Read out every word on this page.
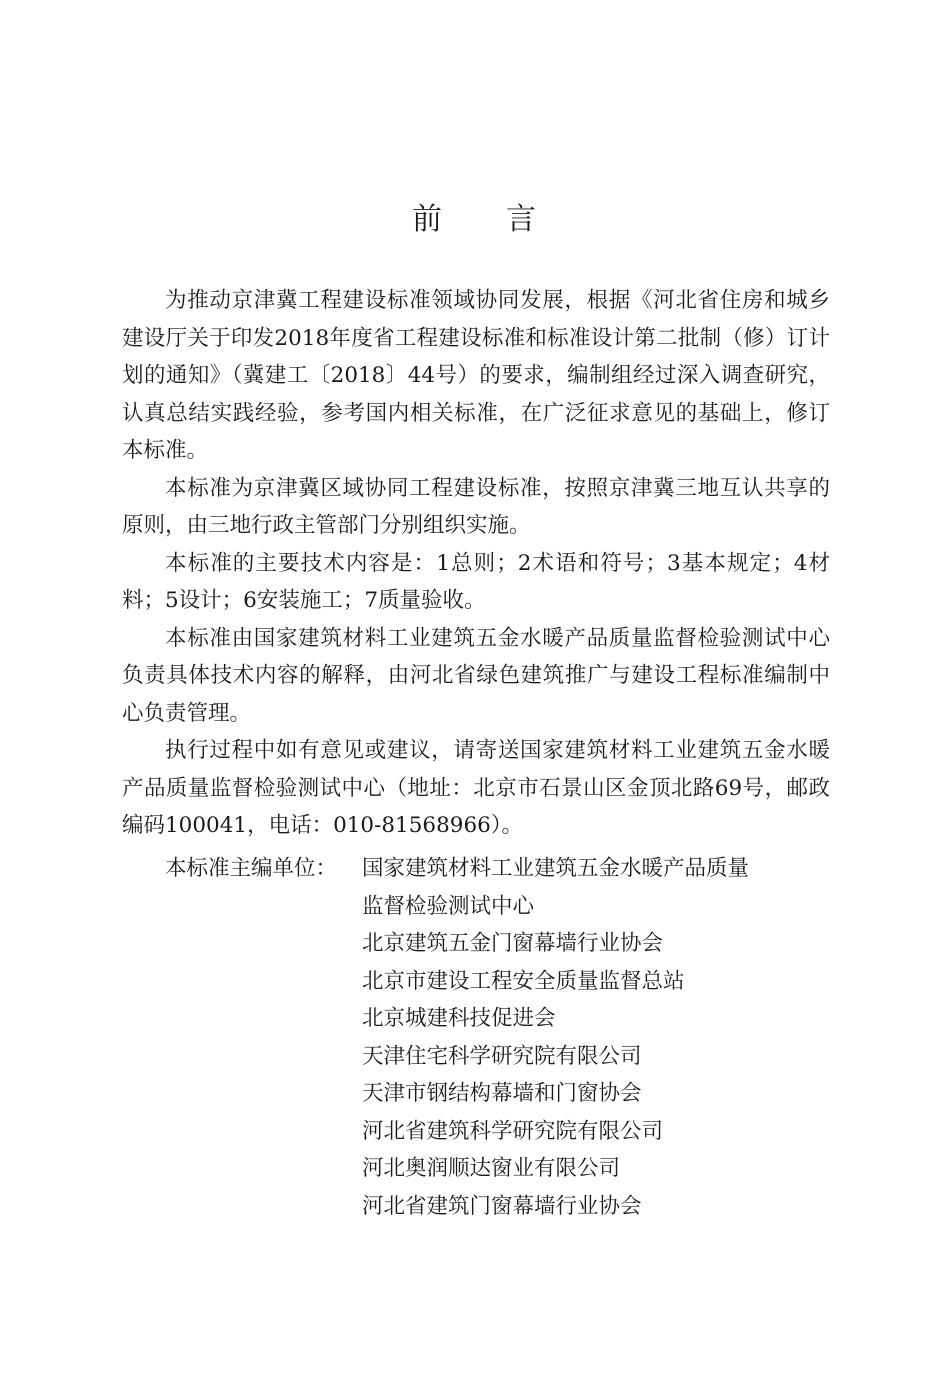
前 言

为推动京津冀工程建设标准领域协同发展，根据《河北省住房和城乡建设厅关于印发2018年度省工程建设标准和标准设计第二批制（修）订计划的通知》（冀建工〔2018〕44号）的要求，编制组经过深入调查研究，认真总结实践经验，参考国内相关标准，在广泛征求意见的基础上，修订本标准。

本标准为京津冀区域协同工程建设标准，按照京津冀三地互认共享的原则，由三地行政主管部门分别组织实施。

本标准的主要技术内容是：1总则；2术语和符号；3基本规定；4材料；5设计；6安装施工；7质量验收。

本标准由国家建筑材料工业建筑五金水暖产品质量监督检验测试中心负责具体技术内容的解释，由河北省绿色建筑推广与建设工程标准编制中心负责管理。

执行过程中如有意见或建议，请寄送国家建筑材料工业建筑五金水暖产品质量监督检验测试中心（地址：北京市石景山区金顶北路69号，邮政编码100041，电话：010-81568966）。

本标准主编单位： 国家建筑材料工业建筑五金水暖产品质量
监督检验测试中心
北京建筑五金门窗幕墙行业协会
北京市建设工程安全质量监督总站
北京城建科技促进会
天津住宅科学研究院有限公司
天津市钢结构幕墙和门窗协会
河北省建筑科学研究院有限公司
河北奥润顺达窗业有限公司
河北省建筑门窗幕墙行业协会
